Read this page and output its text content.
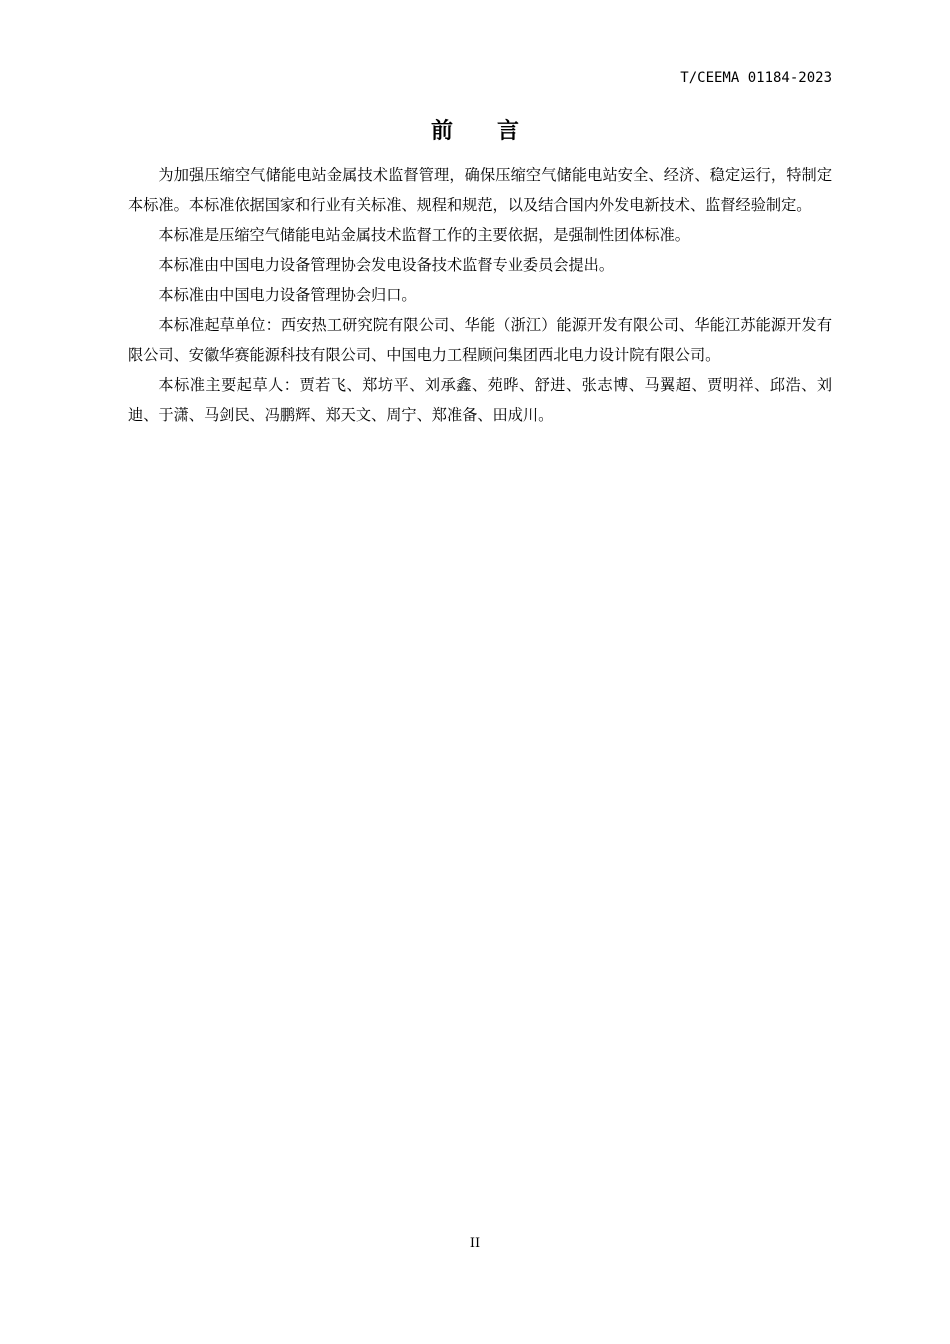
T/CEEMA 01184-2023
前 言

为加强压缩空气储能电站金属技术监督管理，确保压缩空气储能电站安全、经济、稳定运行，特制定本标准。本标准依据国家和行业有关标准、规程和规范，以及结合国内外发电新技术、监督经验制定。

本标准是压缩空气储能电站金属技术监督工作的主要依据，是强制性团体标准。

本标准由中国电力设备管理协会发电设备技术监督专业委员会提出。

本标准由中国电力设备管理协会归口。

本标准起草单位：西安热工研究院有限公司、华能（浙江）能源开发有限公司、华能江苏能源开发有限公司、安徽华赛能源科技有限公司、中国电力工程顾问集团西北电力设计院有限公司。

本标准主要起草人：贾若飞、郑坊平、刘承鑫、苑晔、舒进、张志博、马翼超、贾明祥、邱浩、刘迪、于潇、马剑民、冯鹏辉、郑天文、周宁、郑准备、田成川。

II
